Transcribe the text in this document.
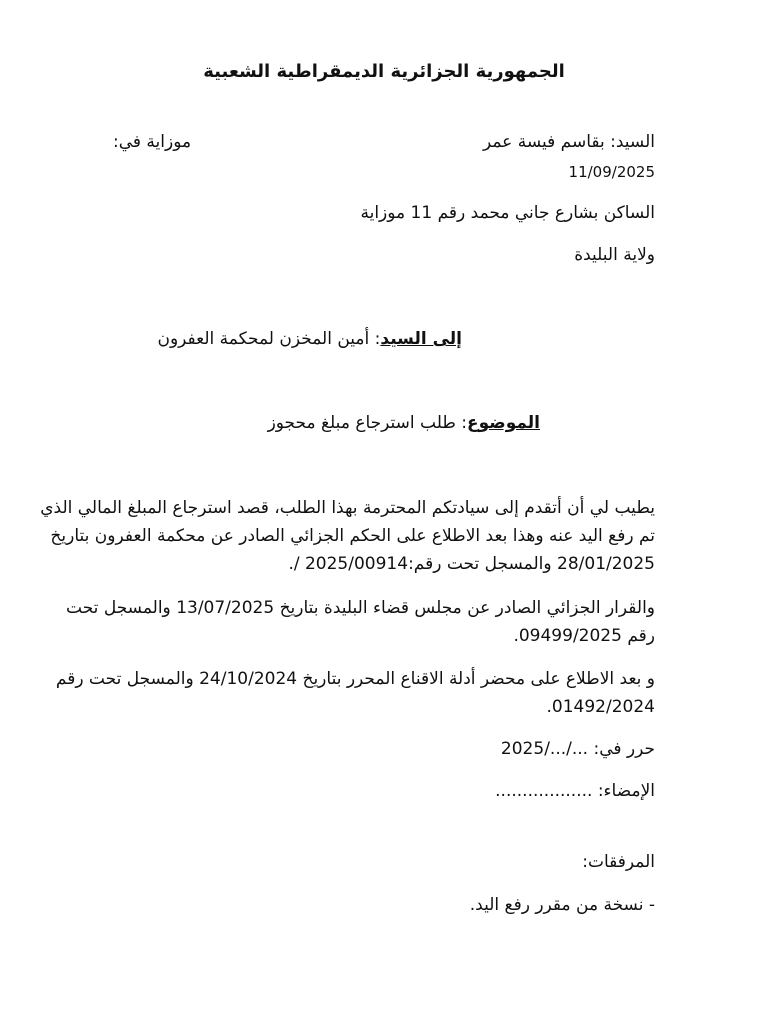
الجمهورية الجزائرية الديمقراطية الشعبية
السيد: بقاسم فيسة عمر
موزاية في:
11/09/2025
الساكن بشارع جاني محمد رقم 11 موزاية
ولاية البليدة
إلى السيد: أمين المخزن لمحكمة العفرون
الموضوع: طلب استرجاع مبلغ محجوز
يطيب لي أن أتقدم إلى سيادتكم المحترمة بهذا الطلب، قصد استرجاع المبلغ المالي الذي تم رفع اليد عنه وهذا بعد الاطلاع على الحكم الجزائي الصادر عن محكمة العفرون بتاريخ 28/01/2025 والمسجل تحت رقم:2025/00914 /.
والقرار الجزائي الصادر عن مجلس قضاء البليدة بتاريخ 13/07/2025 والمسجل تحت رقم 09499/2025.
و بعد الاطلاع على محضر أدلة الاقناع المحرر بتاريخ 24/10/2024 والمسجل تحت رقم 01492/2024.
حرر في: .../.../2025
الإمضاء: ..................
المرفقات:
- نسخة من مقرر رفع اليد.
